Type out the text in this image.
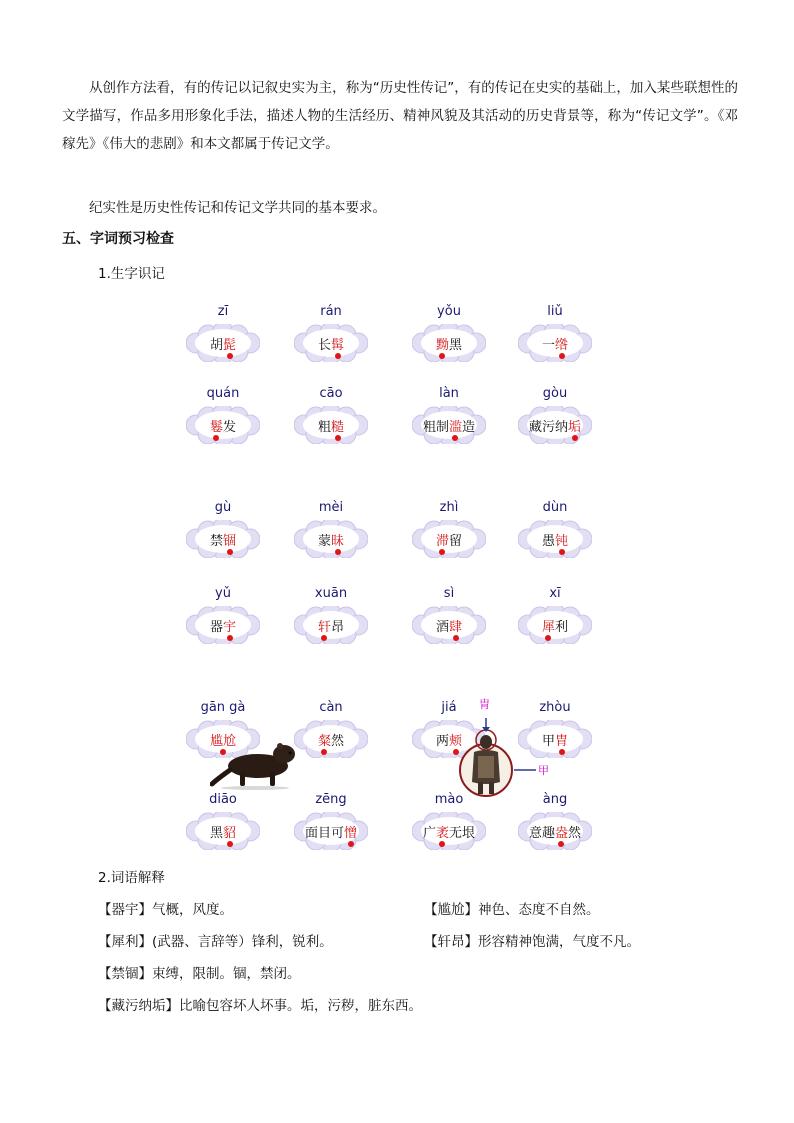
从创作方法看，有的传记以记叙史实为主，称为“历史性传记”，有的传记在史实的基础上，加入某些联想性的文学描写，作品多用形象化手法，描述人物的生活经历、精神风貌及其活动的历史背景等，称为“传记文学”。《邓稼先》《伟大的悲剧》和本文都属于传记文学。

纪实性是历史性传记和传记文学共同的基本要求。

五、字词预习检查

1.生字识记

zī
胡髭
rán
长髯
yǒu
黝黑
liǔ
一绺
quán
鬈发
cāo
粗糙
làn
粗制滥造
gòu
藏污纳垢
gù
禁锢
mèi
蒙昧
zhì
滞留
dùn
愚钝
yǔ
器宇
xuān
轩昂
sì
酒肆
xī
犀利
gān gà
尴尬
càn
粲然
jiá
两颊
zhòu
甲胄
diāo
黑貂
zēng
面目可憎
mào
广袤无垠
àng
意趣盎然
胄
甲

2.词语解释

【器宇】气概，风度。

【犀利】(武器、言辞等）锋利，锐利。

【禁锢】束缚，限制。锢，禁闭。

【藏污纳垢】比喻包容坏人坏事。垢，污秽，脏东西。

【尴尬】神色、态度不自然。

【轩昂】形容精神饱满，气度不凡。
